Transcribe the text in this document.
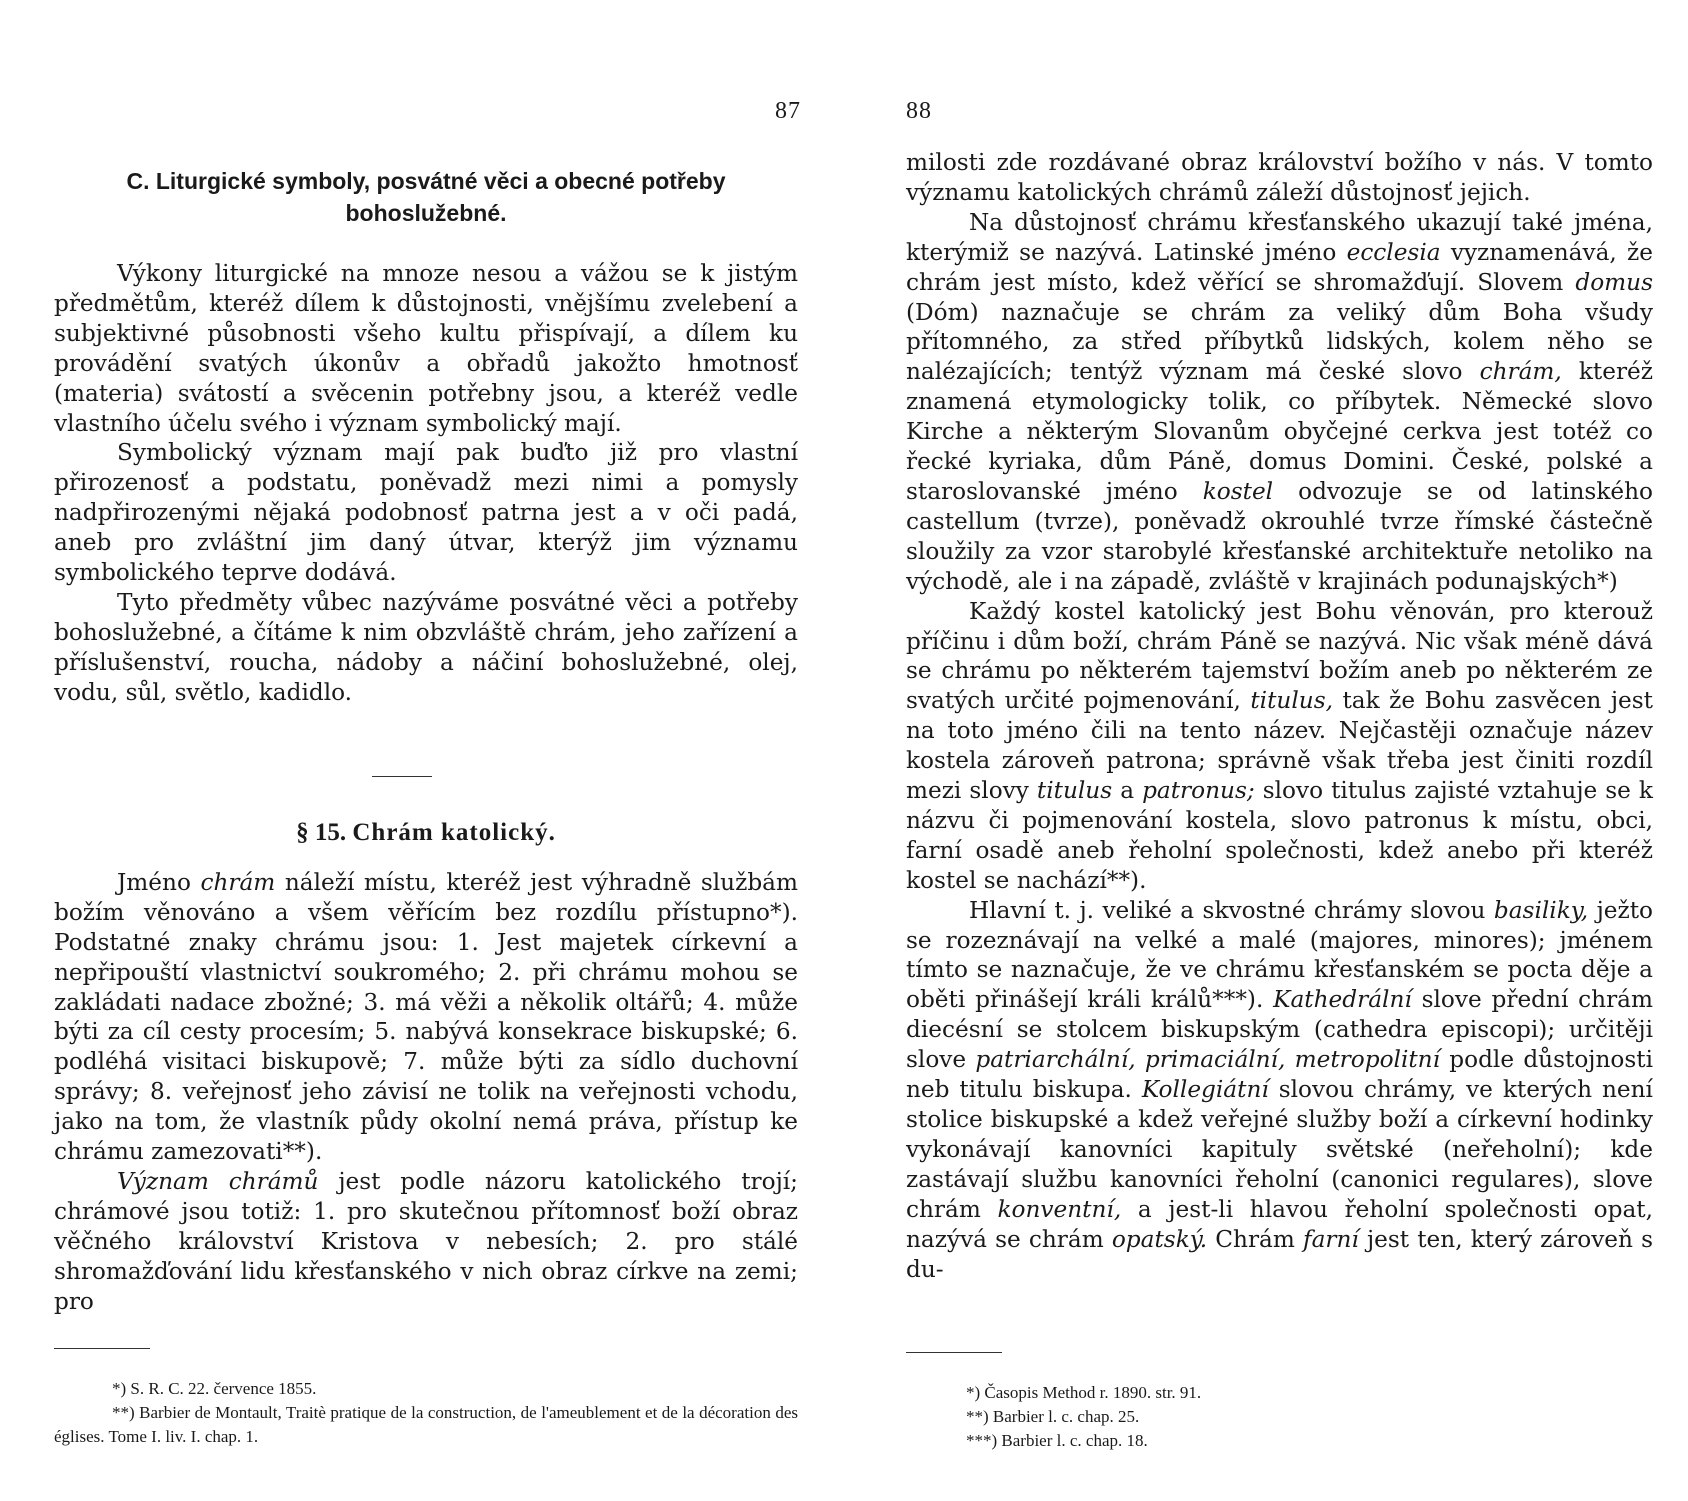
87
C. Liturgické symboly, posvátné věci a obecné potřeby bohoslužebné.

Výkony liturgické na mnoze nesou a vážou se k jistým předmětům, kteréž dílem k důstojnosti, vnějšímu zvelebení a subjektivné působnosti všeho kultu přispívají, a dílem ku provádění svatých úkonův a obřadů jakožto hmotnosť (materia) svátostí a svěcenin potřebny jsou, a kteréž vedle vlastního účelu svého i význam symbolický mají.

Symbolický význam mají pak buďto již pro vlastní přirozenosť a podstatu, poněvadž mezi nimi a pomysly nadpřirozenými nějaká podobnosť patrna jest a v oči padá, aneb pro zvláštní jim daný útvar, kterýž jim významu symbolického teprve dodává.

Tyto předměty vůbec nazýváme posvátné věci a potřeby bohoslužebné, a čítáme k nim obzvláště chrám, jeho zařízení a příslušenství, roucha, nádoby a náčiní bohoslužebné, olej, vodu, sůl, světlo, kadidlo.

§ 15. Chrám katolický.

Jméno chrám náleží místu, kteréž jest výhradně službám božím věnováno a všem věřícím bez rozdílu přístupno*). Podstatné znaky chrámu jsou: 1. Jest majetek církevní a nepřipouští vlastnictví soukromého; 2. při chrámu mohou se zakládati nadace zbožné; 3. má věži a několik oltářů; 4. může býti za cíl cesty procesím; 5. nabývá konsekrace biskupské; 6. podléhá visitaci biskupově; 7. může býti za sídlo duchovní správy; 8. veřejnosť jeho závisí ne tolik na veřejnosti vchodu, jako na tom, že vlastník půdy okolní nemá práva, přístup ke chrámu zamezovati**).

Význam chrámů jest podle názoru katolického trojí; chrámové jsou totiž: 1. pro skutečnou přítomnosť boží obraz věčného království Kristova v nebesích; 2. pro stálé shromažďování lidu křesťanského v nich obraz církve na zemi; pro

*) S. R. C. 22. července 1855.

**) Barbier de Montault, Traitè pratique de la construction, de l'ameublement et de la décoration des églises. Tome I. liv. I. chap. 1.

88

milosti zde rozdávané obraz království božího v nás. V tomto významu katolických chrámů záleží důstojnosť jejich.

Na důstojnosť chrámu křesťanského ukazují také jména, kterýmiž se nazývá. Latinské jméno ecclesia vyznamenává, že chrám jest místo, kdež věřící se shromažďují. Slovem domus (Dóm) naznačuje se chrám za veliký dům Boha všudy přítomného, za střed příbytků lidských, kolem něho se nalézajících; tentýž význam má české slovo chrám, kteréž znamená etymologicky tolik, co příbytek. Německé slovo Kirche a některým Slovanům obyčejné cerkva jest totéž co řecké kyriaka, dům Páně, domus Domini. České, polské a staroslovanské jméno kostel odvozuje se od latinského castellum (tvrze), poněvadž okrouhlé tvrze římské částečně sloužily za vzor starobylé křesťanské architektuře netoliko na východě, ale i na západě, zvláště v krajinách podunajských*)

Každý kostel katolický jest Bohu věnován, pro kterouž příčinu i dům boží, chrám Páně se nazývá. Nic však méně dává se chrámu po některém tajemství božím aneb po některém ze svatých určité pojmenování, titulus, tak že Bohu zasvěcen jest na toto jméno čili na tento název. Nejčastěji označuje název kostela zároveň patrona; správně však třeba jest činiti rozdíl mezi slovy titulus a patronus; slovo titulus zajisté vztahuje se k názvu či pojmenování kostela, slovo patronus k místu, obci, farní osadě aneb řeholní společnosti, kdež anebo při kteréž kostel se nachází**).

Hlavní t. j. veliké a skvostné chrámy slovou basiliky, ježto se rozeznávají na velké a malé (majores, minores); jménem tímto se naznačuje, že ve chrámu křesťanském se pocta děje a oběti přinášejí králi králů***). Kathedrální slove přední chrám diecésní se stolcem biskupským (cathedra episcopi); určitěji slove patriarchální, primaciální, metropolitní podle důstojnosti neb titulu biskupa. Kollegiátní slovou chrámy, ve kterých není stolice biskupské a kdež veřejné služby boží a církevní hodinky vykonávají kanovníci kapituly světské (neřeholní); kde zastávají službu kanovníci řeholní (canonici regulares), slove chrám konventní, a jest-li hlavou řeholní společnosti opat, nazývá se chrám opatský. Chrám farní jest ten, který zároveň s du-

*) Časopis Method r. 1890. str. 91.

**) Barbier l. c. chap. 25.

***) Barbier l. c. chap. 18.
